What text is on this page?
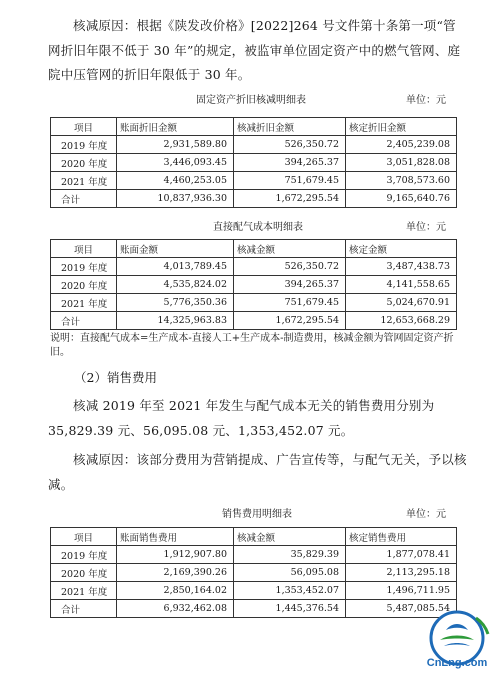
核减原因：根据《陕发改价格》[2022]264 号文件第十条第一项“管网折旧年限不低于 30 年”的规定，被监审单位固定资产中的燃气管网、庭院中压管网的折旧年限低于 30 年。

固定资产折旧核减明细表	单位：元
项目	账面折旧金额	核减折旧金额	核定折旧金额
2019 年度	2,931,589.80	526,350.72	2,405,239.08
2020 年度	3,446,093.45	394,265.37	3,051,828.08
2021 年度	4,460,253.05	751,679.45	3,708,573.60
合计	10,837,936.30	1,672,295.54	9,165,640.76
直接配气成本明细表	单位：元
项目	账面金额	核减金额	核定金额
2019 年度	4,013,789.45	526,350.72	3,487,438.73
2020 年度	4,535,824.02	394,265.37	4,141,558.65
2021 年度	5,776,350.36	751,679.45	5,024,670.91
合计	14,325,963.83	1,672,295.54	12,653,668.29

说明：直接配气成本=生产成本-直接人工+生产成本-制造费用，核减金额为管网固定资产折旧。

（2）销售费用

核减 2019 年至 2021 年发生与配气成本无关的销售费用分别为35,829.39 元、56,095.08 元、1,353,452.07 元。

核减原因：该部分费用为营销提成、广告宣传等，与配气无关，予以核减。

销售费用明细表	单位：元
项目	账面销售费用	核减金额	核定销售费用
2019 年度	1,912,907.80	35,829.39	1,877,078.41
2020 年度	2,169,390.26	56,095.08	2,113,295.18
2021 年度	2,850,164.02	1,353,452.07	1,496,711.95
合计	6,932,462.08	1,445,376.54	5,487,085.54
CnLng.com
